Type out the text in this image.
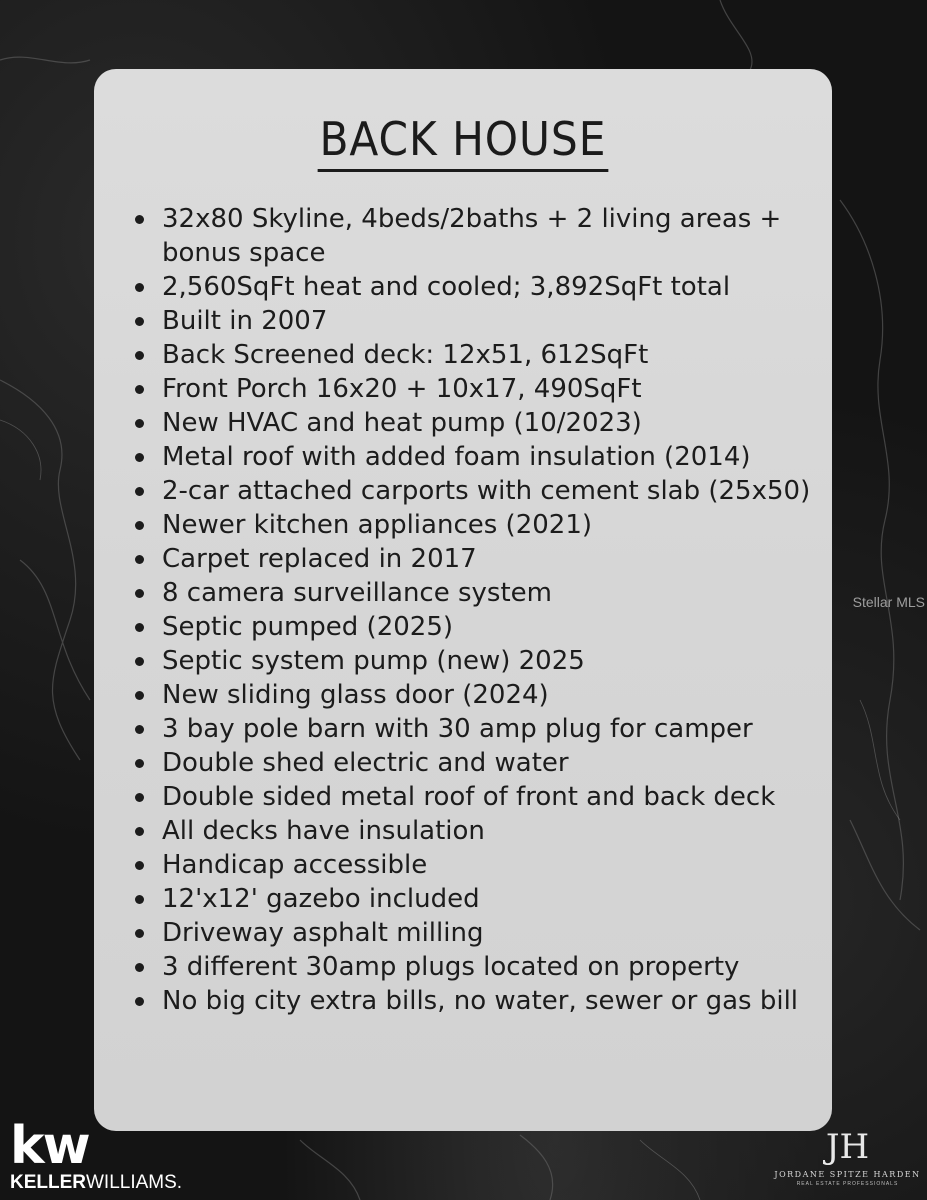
BACK HOUSE
32x80 Skyline, 4beds/2baths + 2 living areas + bonus space
2,560SqFt heat and cooled; 3,892SqFt total
Built in 2007
Back Screened deck: 12x51, 612SqFt
Front Porch 16x20 + 10x17, 490SqFt
New HVAC and heat pump (10/2023)
Metal roof with added foam insulation (2014)
2-car attached carports with cement slab (25x50)
Newer kitchen appliances (2021)
Carpet replaced in 2017
8 camera surveillance system
Septic pumped (2025)
Septic system pump (new) 2025
New sliding glass door (2024)
3 bay pole barn with 30 amp plug for camper
Double shed electric and water
Double sided metal roof of front and back deck
All decks have insulation
Handicap accessible
12'x12' gazebo included
Driveway asphalt milling
3 different 30amp plugs located on property
No big city extra bills, no water, sewer or gas bill
Stellar MLS
kw
KELLERWILLIAMS.
JH
JORDANE SPITZE HARDEN
REAL ESTATE PROFESSIONALS
